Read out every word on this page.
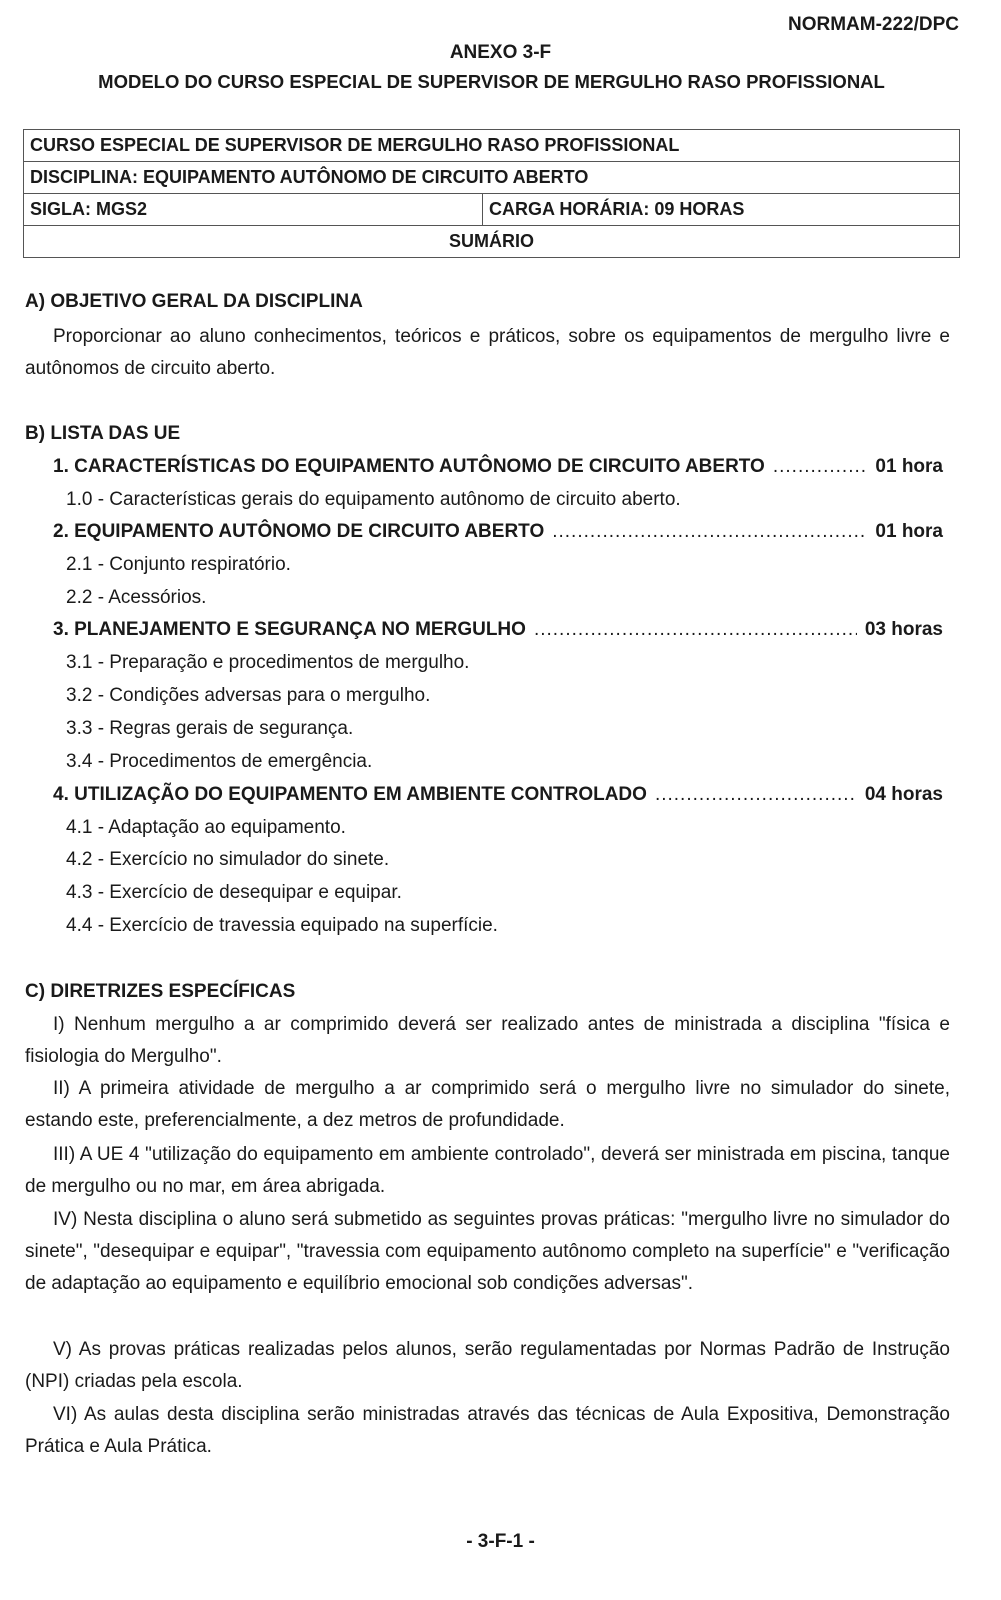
NORMAM-222/DPC
ANEXO 3-F
MODELO DO CURSO ESPECIAL DE SUPERVISOR DE MERGULHO RASO PROFISSIONAL
CURSO ESPECIAL DE SUPERVISOR DE MERGULHO RASO PROFISSIONAL
DISCIPLINA: EQUIPAMENTO AUTÔNOMO DE CIRCUITO ABERTO
SIGLA: MGS2	CARGA HORÁRIA: 09 HORAS
SUMÁRIO
A) OBJETIVO GERAL DA DISCIPLINA
Proporcionar ao aluno conhecimentos, teóricos e práticos, sobre os equipamentos de mergulho livre e autônomos de circuito aberto.
B) LISTA DAS UE
1. CARACTERÍSTICAS DO EQUIPAMENTO AUTÔNOMO DE CIRCUITO ABERTO .....	01 hora
1.0 - Características gerais do equipamento autônomo de circuito aberto.
2. EQUIPAMENTO AUTÔNOMO DE CIRCUITO ABERTO .....	01 hora
2.1 - Conjunto respiratório.
2.2 - Acessórios.
3. PLANEJAMENTO E SEGURANÇA NO MERGULHO .....	03 horas
3.1 - Preparação e procedimentos de mergulho.
3.2 - Condições adversas para o mergulho.
3.3 - Regras gerais de segurança.
3.4 - Procedimentos de emergência.
4. UTILIZAÇÃO DO EQUIPAMENTO EM AMBIENTE CONTROLADO .....	04 horas
4.1 - Adaptação ao equipamento.
4.2 - Exercício no simulador do sinete.
4.3 - Exercício de desequipar e equipar.
4.4 - Exercício de travessia equipado na superfície.
C) DIRETRIZES ESPECÍFICAS
I) Nenhum mergulho a ar comprimido deverá ser realizado antes de ministrada a disciplina "física e fisiologia do Mergulho".
II) A primeira atividade de mergulho a ar comprimido será o mergulho livre no simulador do sinete, estando este, preferencialmente, a dez metros de profundidade.
III) A UE 4 "utilização do equipamento em ambiente controlado", deverá ser ministrada em piscina, tanque de mergulho ou no mar, em área abrigada.
IV) Nesta disciplina o aluno será submetido as seguintes provas práticas: "mergulho livre no simulador do sinete", "desequipar e equipar", "travessia com equipamento autônomo completo na superfície" e "verificação de adaptação ao equipamento e equilíbrio emocional sob condições adversas".
V) As provas práticas realizadas pelos alunos, serão regulamentadas por Normas Padrão de Instrução (NPI) criadas pela escola.
VI) As aulas desta disciplina serão ministradas através das técnicas de Aula Expositiva, Demonstração Prática e Aula Prática.
- 3-F-1 -
